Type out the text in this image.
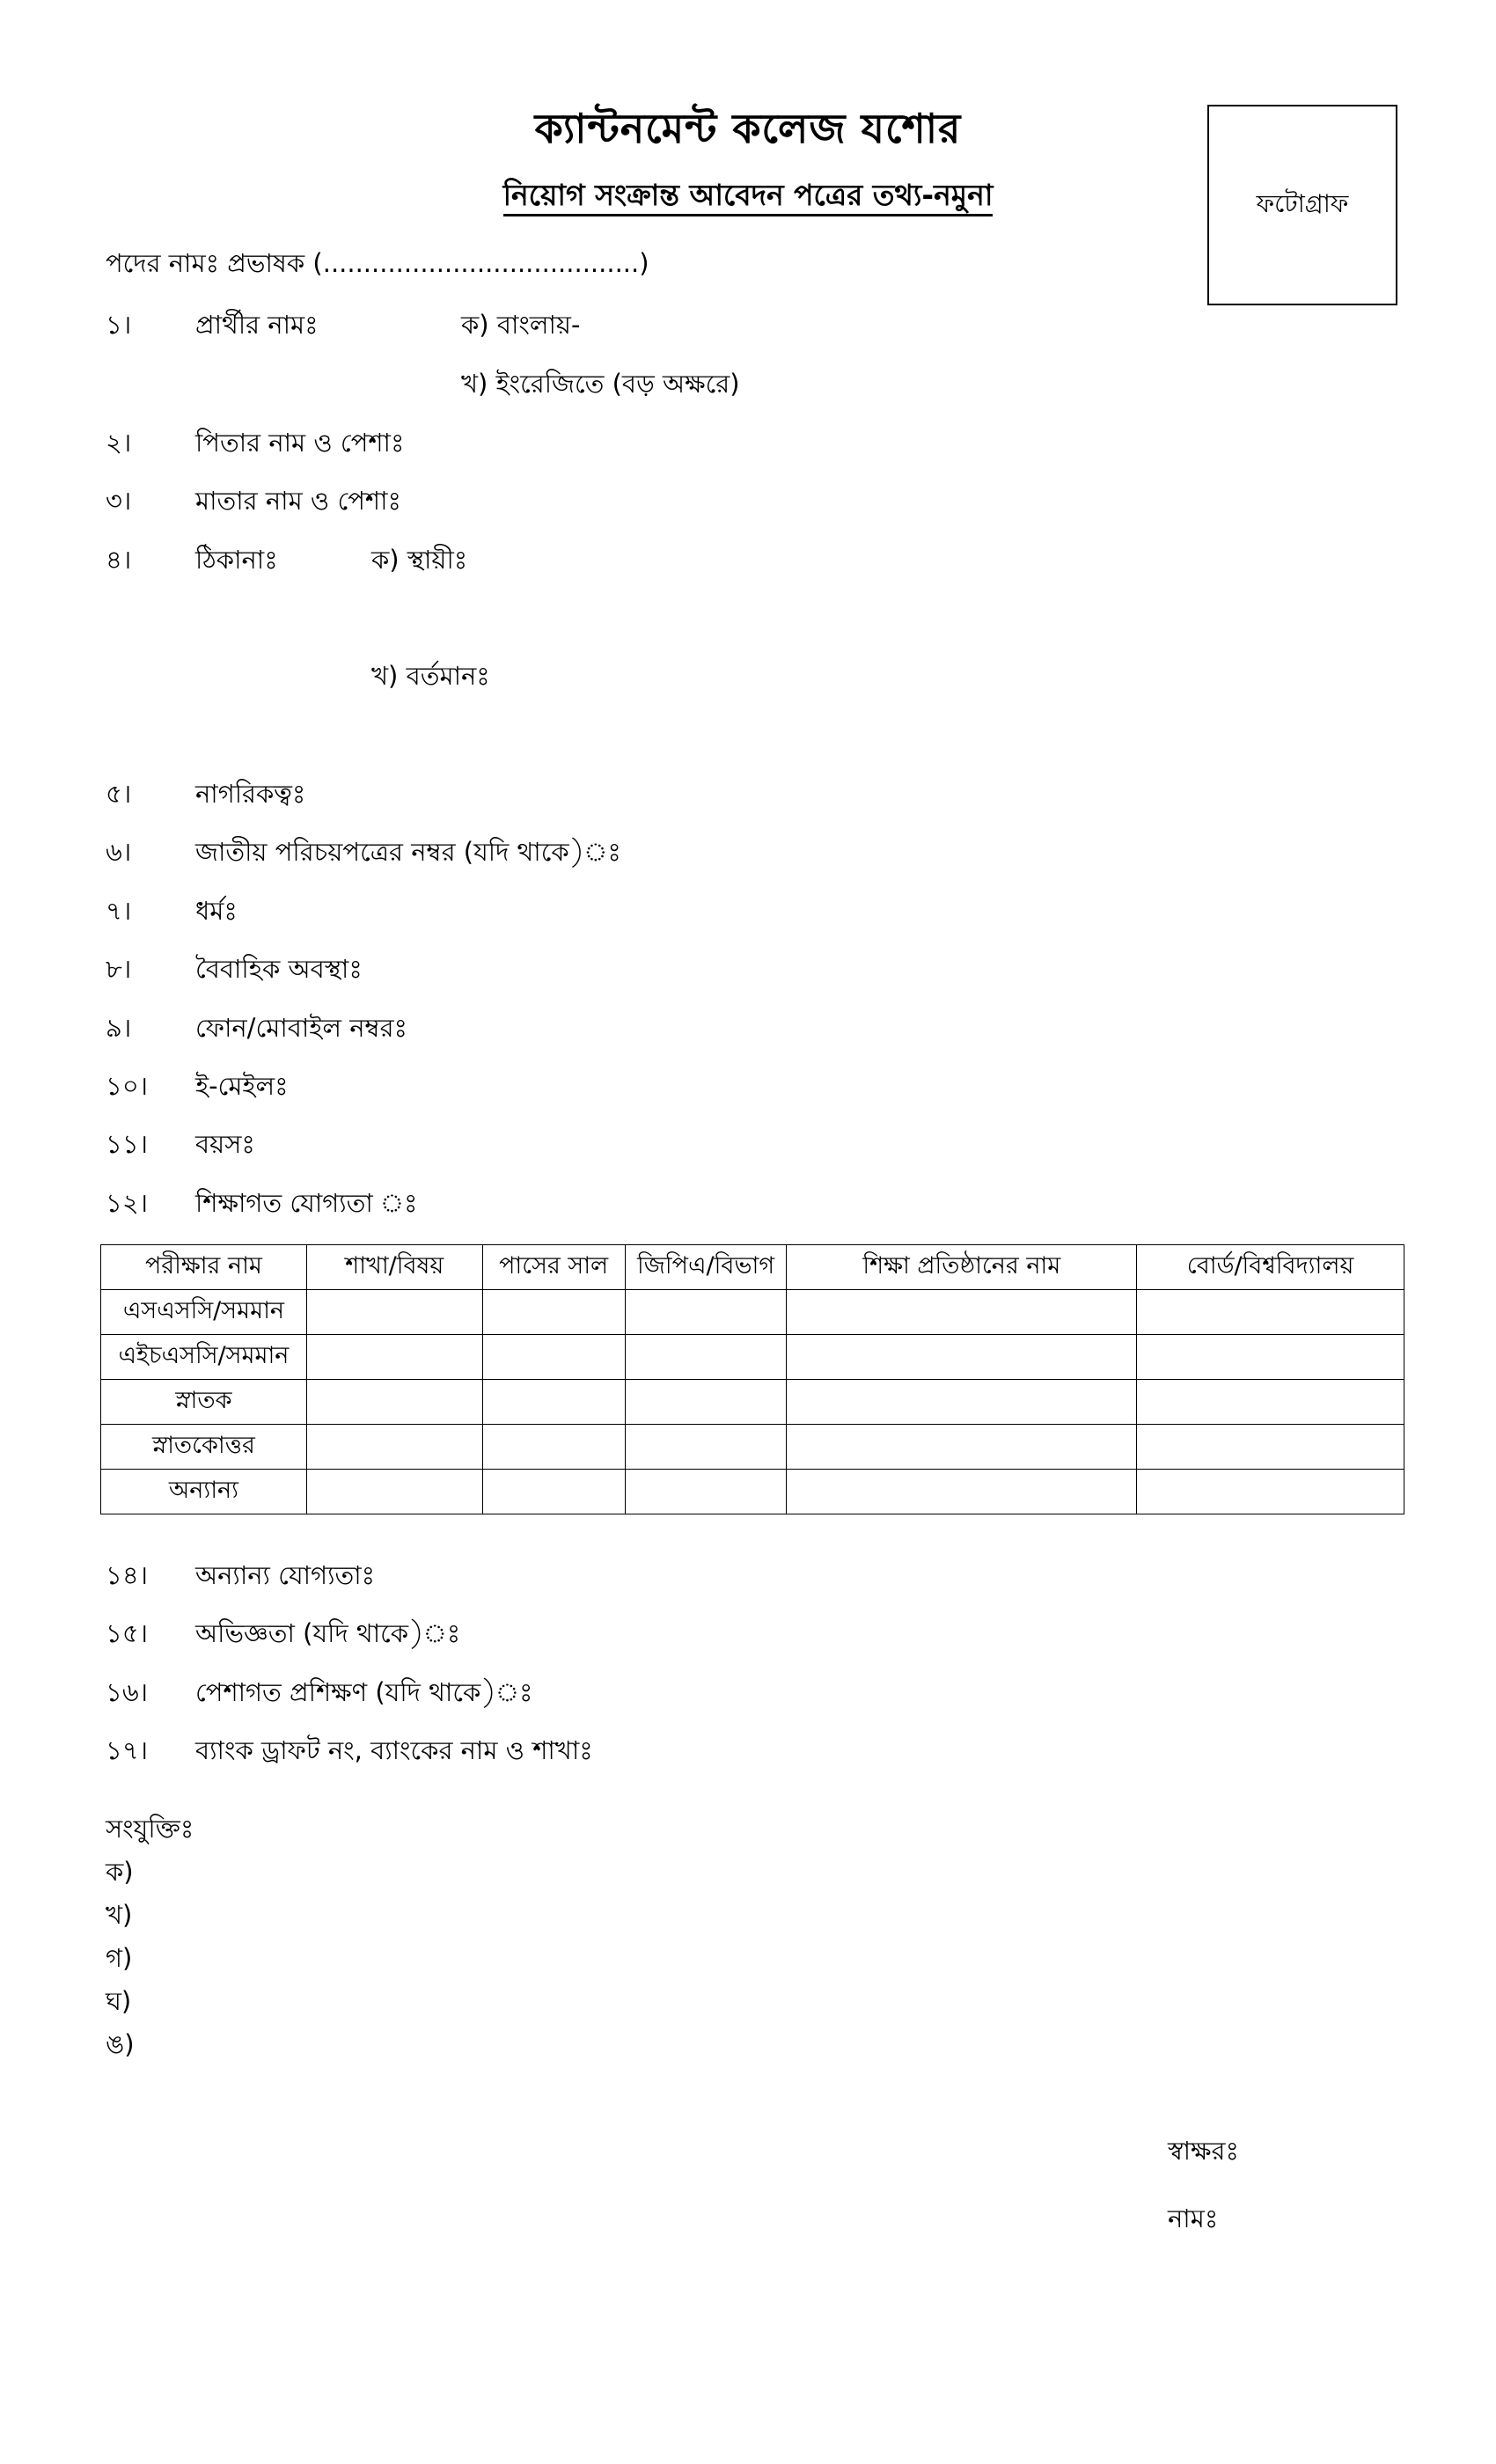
ক্যান্টনমেন্ট কলেজ যশোর
নিয়োগ সংক্রান্ত আবেদন পত্রের তথ্য-নমুনা	ফটোগ্রাফ
পদের নামঃ প্রভাষক (.......................................)
১।	প্রার্থীর নামঃ	ক) বাংলায়-
খ) ইংরেজিতে (বড় অক্ষরে)
২।	পিতার নাম ও পেশাঃ
৩।	মাতার নাম ও পেশাঃ
৪।	ঠিকানাঃ	ক) স্থায়ীঃ
খ) বর্তমানঃ
৫।	নাগরিকত্বঃ
৬।	জাতীয় পরিচয়পত্রের নম্বর (যদি থাকে)ঃ
৭।	ধর্মঃ
৮।	বৈবাহিক অবস্থাঃ
৯।	ফোন/মোবাইল নম্বরঃ
১০। ই-মেইলঃ
১১। বয়সঃ
১২। শিক্ষাগত যোগ্যতা ঃ
পরীক্ষার নাম	শাখা/বিষয়	পাসের সাল	জিপিএ/বিভাগ	শিক্ষা প্রতিষ্ঠানের নাম	বোর্ড/বিশ্ববিদ্যালয়
এসএসসি/সমমান					
এইচএসসি/সমমান					
স্নাতক					
স্নাতকোত্তর					
অন্যান্য					
১৪। অন্যান্য যোগ্যতাঃ
১৫। অভিজ্ঞতা (যদি থাকে)ঃ
১৬। পেশাগত প্রশিক্ষণ (যদি থাকে)ঃ
১৭। ব্যাংক ড্রাফট নং, ব্যাংকের নাম ও শাখাঃ
সংযুক্তিঃ
ক)
খ)
গ)
ঘ)
ঙ)
স্বাক্ষরঃ
নামঃ
